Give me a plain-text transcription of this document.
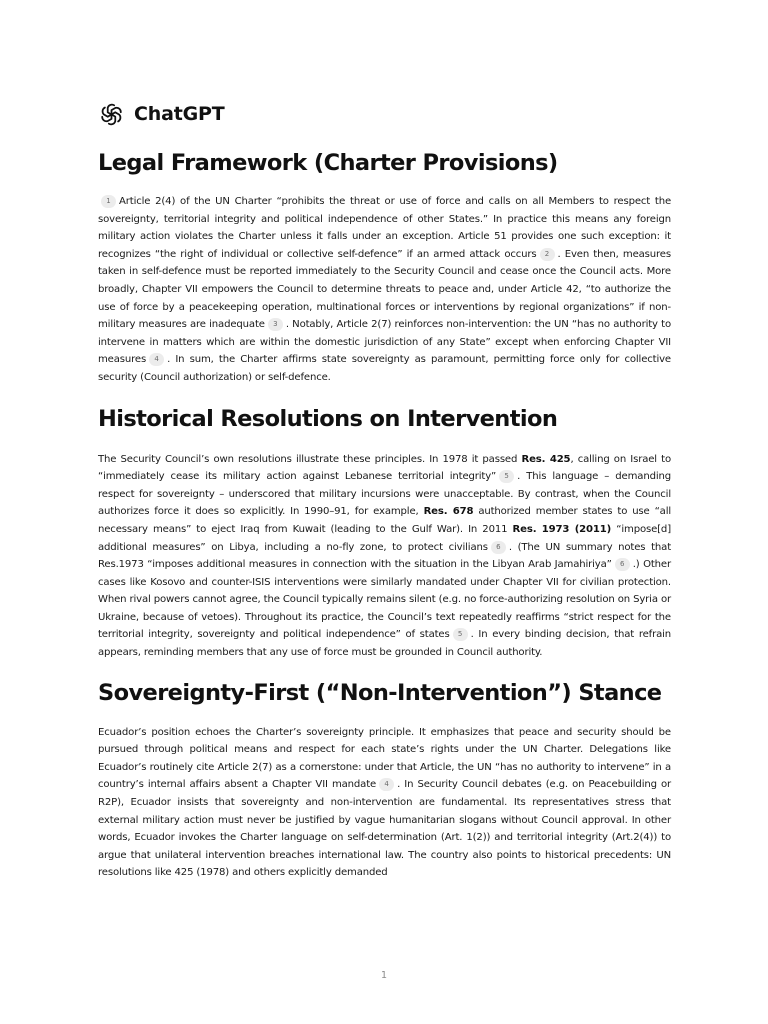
ChatGPT
Legal Framework (Charter Provisions)

1 Article 2(4) of the UN Charter “prohibits the threat or use of force and calls on all Members to respect the sovereignty, territorial integrity and political independence of other States.” In practice this means any foreign military action violates the Charter unless it falls under an exception. Article 51 provides one such exception: it recognizes “the right of individual or collective self-defence” if an armed attack occurs 2 . Even then, measures taken in self-defence must be reported immediately to the Security Council and cease once the Council acts. More broadly, Chapter VII empowers the Council to determine threats to peace and, under Article 42, “to authorize the use of force by a peacekeeping operation, multinational forces or interventions by regional organizations” if non-military measures are inadequate 3 . Notably, Article 2(7) reinforces non-intervention: the UN “has no authority to intervene in matters which are within the domestic jurisdiction of any State” except when enforcing Chapter VII measures 4 . In sum, the Charter affirms state sovereignty as paramount, permitting force only for collective security (Council authorization) or self-defence.

Historical Resolutions on Intervention

The Security Council’s own resolutions illustrate these principles. In 1978 it passed Res. 425, calling on Israel to “immediately cease its military action against Lebanese territorial integrity” 5 . This language – demanding respect for sovereignty – underscored that military incursions were unacceptable. By contrast, when the Council authorizes force it does so explicitly. In 1990–91, for example, Res. 678 authorized member states to use “all necessary means” to eject Iraq from Kuwait (leading to the Gulf War). In 2011 Res. 1973 (2011) “impose[d] additional measures” on Libya, including a no-fly zone, to protect civilians 6 . (The UN summary notes that Res.1973 “imposes additional measures in connection with the situation in the Libyan Arab Jamahiriya” 6 .) Other cases like Kosovo and counter-ISIS interventions were similarly mandated under Chapter VII for civilian protection. When rival powers cannot agree, the Council typically remains silent (e.g. no force-authorizing resolution on Syria or Ukraine, because of vetoes). Throughout its practice, the Council’s text repeatedly reaffirms “strict respect for the territorial integrity, sovereignty and political independence” of states 5 . In every binding decision, that refrain appears, reminding members that any use of force must be grounded in Council authority.

Sovereignty-First (“Non-Intervention”) Stance

Ecuador’s position echoes the Charter’s sovereignty principle. It emphasizes that peace and security should be pursued through political means and respect for each state’s rights under the UN Charter. Delegations like Ecuador’s routinely cite Article 2(7) as a cornerstone: under that Article, the UN “has no authority to intervene” in a country’s internal affairs absent a Chapter VII mandate 4 . In Security Council debates (e.g. on Peacebuilding or R2P), Ecuador insists that sovereignty and non-intervention are fundamental. Its representatives stress that external military action must never be justified by vague humanitarian slogans without Council approval. In other words, Ecuador invokes the Charter language on self-determination (Art. 1(2)) and territorial integrity (Art.2(4)) to argue that unilateral intervention breaches international law. The country also points to historical precedents: UN resolutions like 425 (1978) and others explicitly demanded

1
